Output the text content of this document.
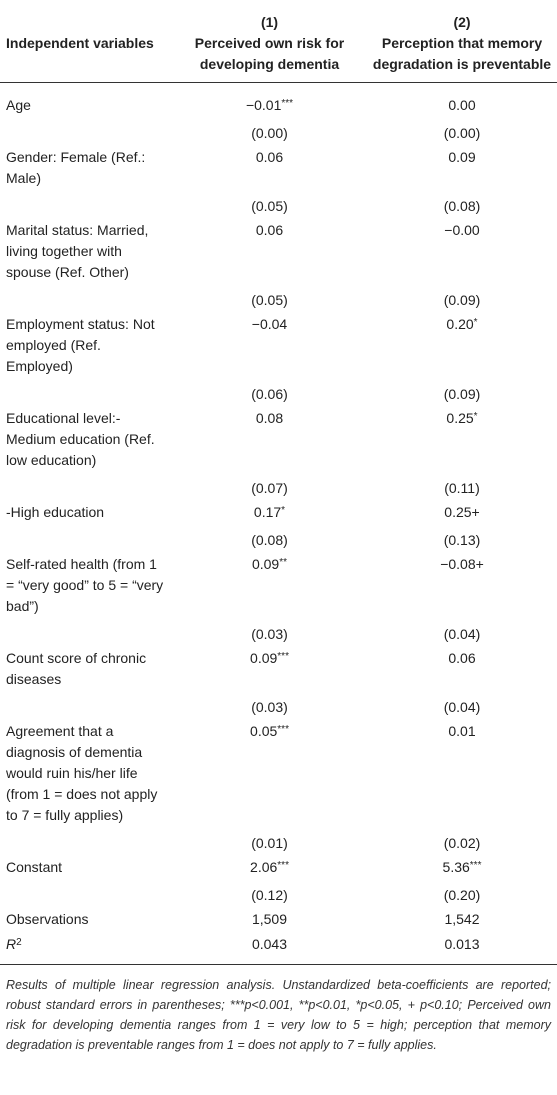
	(1)	(2)
Independent variables	Perceived own risk for developing dementia	Perception that memory degradation is preventable
Age	−0.01***	0.00
	(0.00)	(0.00)
Gender: Female (Ref.: Male)	0.06	0.09
	(0.05)	(0.08)
Marital status: Married, living together with spouse (Ref. Other)	0.06	−0.00
	(0.05)	(0.09)
Employment status: Not employed (Ref. Employed)	−0.04	0.20*
	(0.06)	(0.09)
Educational level:-Medium education (Ref. low education)	0.08	0.25*
	(0.07)	(0.11)
-High education	0.17*	0.25+
	(0.08)	(0.13)
Self-rated health (from 1 = “very good” to 5 = “very bad”)	0.09**	−0.08+
	(0.03)	(0.04)
Count score of chronic diseases	0.09***	0.06
	(0.03)	(0.04)
Agreement that a diagnosis of dementia would ruin his/her life (from 1 = does not apply to 7 = fully applies)	0.05***	0.01
	(0.01)	(0.02)
Constant	2.06***	5.36***
	(0.12)	(0.20)
Observations	1,509	1,542
$R^2$	0.043	0.013
Results of multiple linear regression analysis. Unstandardized beta-coefficients are reported; robust standard errors in parentheses; ***p<0.001, **p<0.01, *p<0.05, + p<0.10; Perceived own risk for developing dementia ranges from 1 = very low to 5 = high; perception that memory degradation is preventable ranges from 1 = does not apply to 7 = fully applies.
